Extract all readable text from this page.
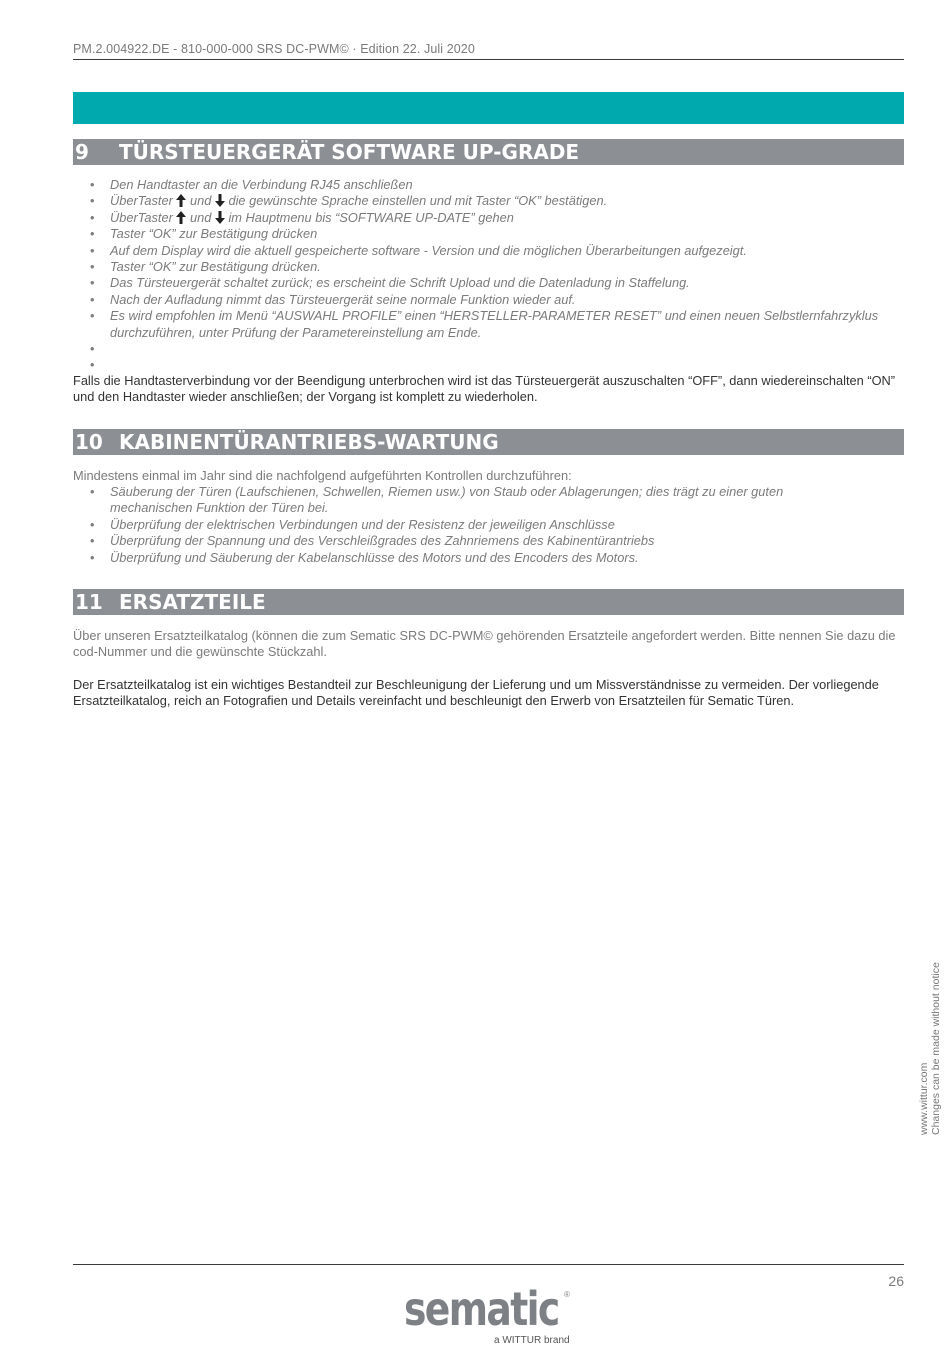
PM.2.004922.DE - 810-000-000 SRS DC-PWM© · Edition 22. Juli 2020
9 TÜRSTEUERGERÄT SOFTWARE UP-GRADE
• Den Handtaster an die Verbindung RJ45 anschließen
• ÜberTaster und die gewünschte Sprache einstellen und mit Taster “OK” bestätigen.
• ÜberTaster und im Hauptmenu bis “SOFTWARE UP-DATE” gehen
• Taster “OK” zur Bestätigung drücken
• Auf dem Display wird die aktuell gespeicherte software - Version und die möglichen Überarbeitungen aufgezeigt.
• Taster “OK” zur Bestätigung drücken.
• Das Türsteuergerät schaltet zurück; es erscheint die Schrift Upload und die Datenladung in Staffelung.
• Nach der Aufladung nimmt das Türsteuergerät seine normale Funktion wieder auf.
• Es wird empfohlen im Menü “AUSWAHL PROFILE” einen “HERSTELLER-PARAMETER RESET” und einen neuen Selbstlernfahrzyklus durchzuführen, unter Prüfung der Parametereinstellung am Ende.
•
•

Falls die Handtasterverbindung vor der Beendigung unterbrochen wird ist das Türsteuergerät auszuschalten “OFF”, dann wiedereinschalten “ON” und den Handtaster wieder anschließen; der Vorgang ist komplett zu wiederholen.

10 KABINENTÜRANTRIEBS-WARTUNG

Mindestens einmal im Jahr sind die nachfolgend aufgeführten Kontrollen durchzuführen:

• Säuberung der Türen (Laufschienen, Schwellen, Riemen usw.) von Staub oder Ablagerungen; dies trägt zu einer guten mechanischen Funktion der Türen bei.
• Überprüfung der elektrischen Verbindungen und der Resistenz der jeweiligen Anschlüsse
• Überprüfung der Spannung und des Verschleißgrades des Zahnriemens des Kabinentürantriebs
• Überprüfung und Säuberung der Kabelanschlüsse des Motors und des Encoders des Motors.
11 ERSATZTEILE

Über unseren Ersatzteilkatalog (können die zum Sematic SRS DC-PWM© gehörenden Ersatzteile angefordert werden. Bitte nennen Sie dazu die cod-Nummer und die gewünschte Stückzahl.

Der Ersatzteilkatalog ist ein wichtiges Bestandteil zur Beschleunigung der Lieferung und um Missverständnisse zu vermeiden. Der vorliegende Ersatzteilkatalog, reich an Fotografien und Details vereinfacht und beschleunigt den Erwerb von Ersatzteilen für Sematic Türen.

www.wittur.com Changes can be made without notice
26
sematic ®
a WITTUR brand
